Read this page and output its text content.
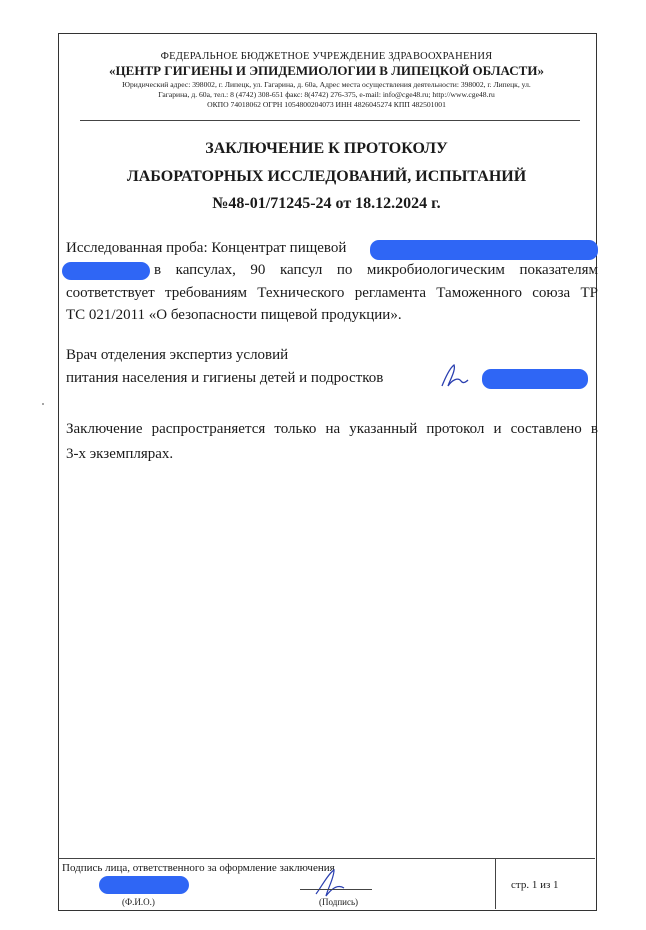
ФЕДЕРАЛЬНОЕ БЮДЖЕТНОЕ УЧРЕЖДЕНИЕ ЗДРАВООХРАНЕНИЯ
«ЦЕНТР ГИГИЕНЫ И ЭПИДЕМИОЛОГИИ В ЛИПЕЦКОЙ ОБЛАСТИ»
Юридический адрес: 398002, г. Липецк, ул. Гагарина, д. 60а, Адрес места осуществления деятельности: 398002, г. Липецк, ул.
Гагарина, д. 60а, тел.: 8 (4742) 308-651 факс: 8(4742) 276-375, e-mail: info@cge48.ru; http://www.cge48.ru
ОКПО 74018062 ОГРН 1054800204073 ИНН 4826045274 КПП 482501001
ЗАКЛЮЧЕНИЕ К ПРОТОКОЛУ
ЛАБОРАТОРНЫХ ИССЛЕДОВАНИЙ, ИСПЫТАНИЙ
№48-01/71245-24 от 18.12.2024 г.
Исследованная проба: Концентрат пищевой
в капсулах, 90 капсул по микробиологическим показателям
соответствует требованиям Технического регламента Таможенного союза ТР
ТС 021/2011 «О безопасности пищевой продукции».
Врач отделения экспертиз условий
питания населения и гигиены детей и подростков
Заключение распространяется только на указанный протокол и составлено в
3-х экземплярах.
Подпись лица, ответственного за оформление заключения
(Ф.И.О.)	(Подпись)
стр. 1 из 1
